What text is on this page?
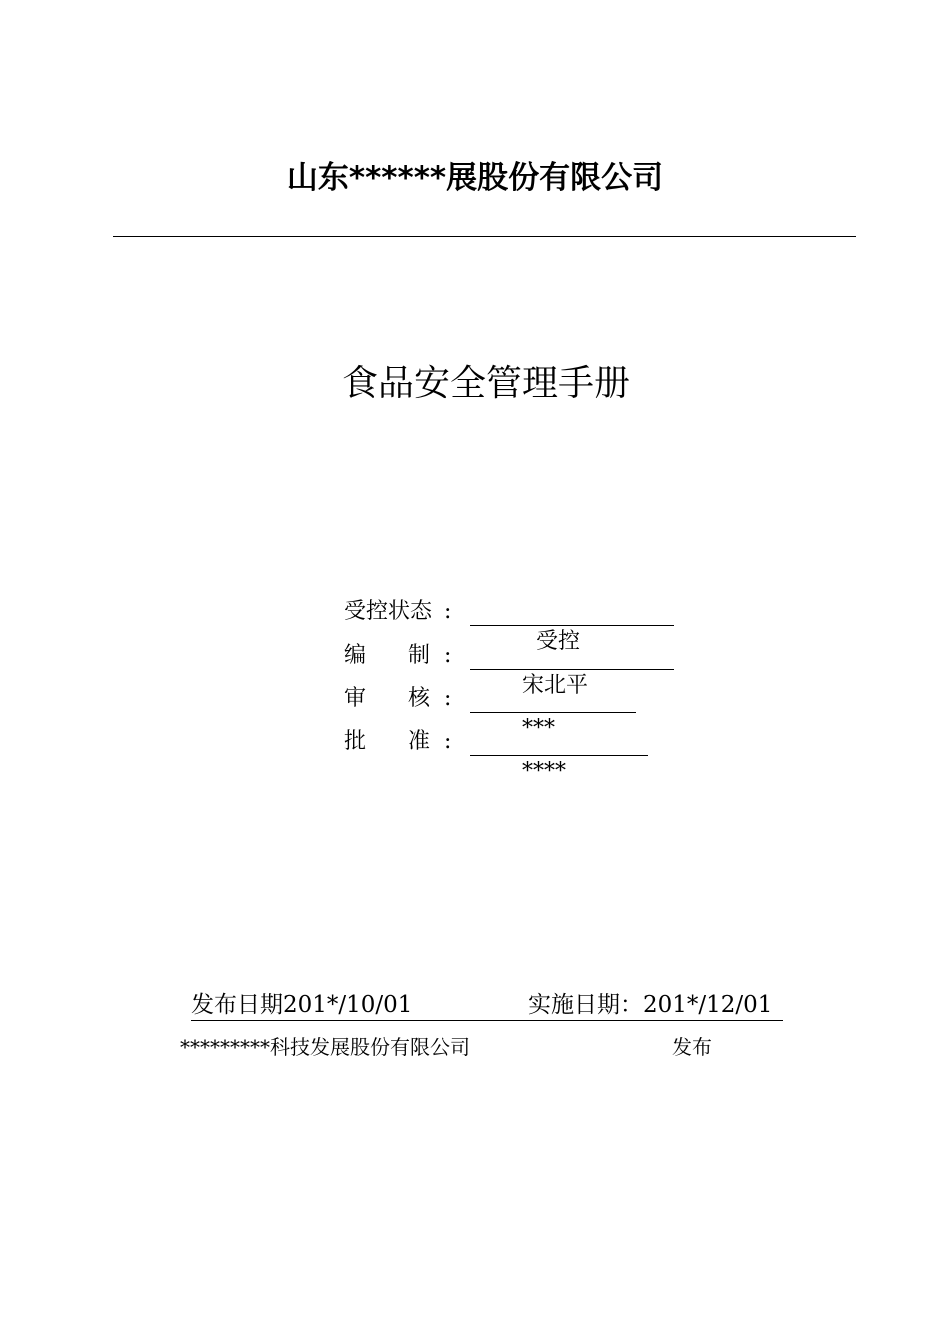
山东******展股份有限公司
食品安全管理手册
受控状态 :

受控

编      制 :

宋北平

审      核 :

***

批      准 :

****

发布日期201*/10/01

	实施日期：201*/12/01

*********科技发展股份有限公司	发布
